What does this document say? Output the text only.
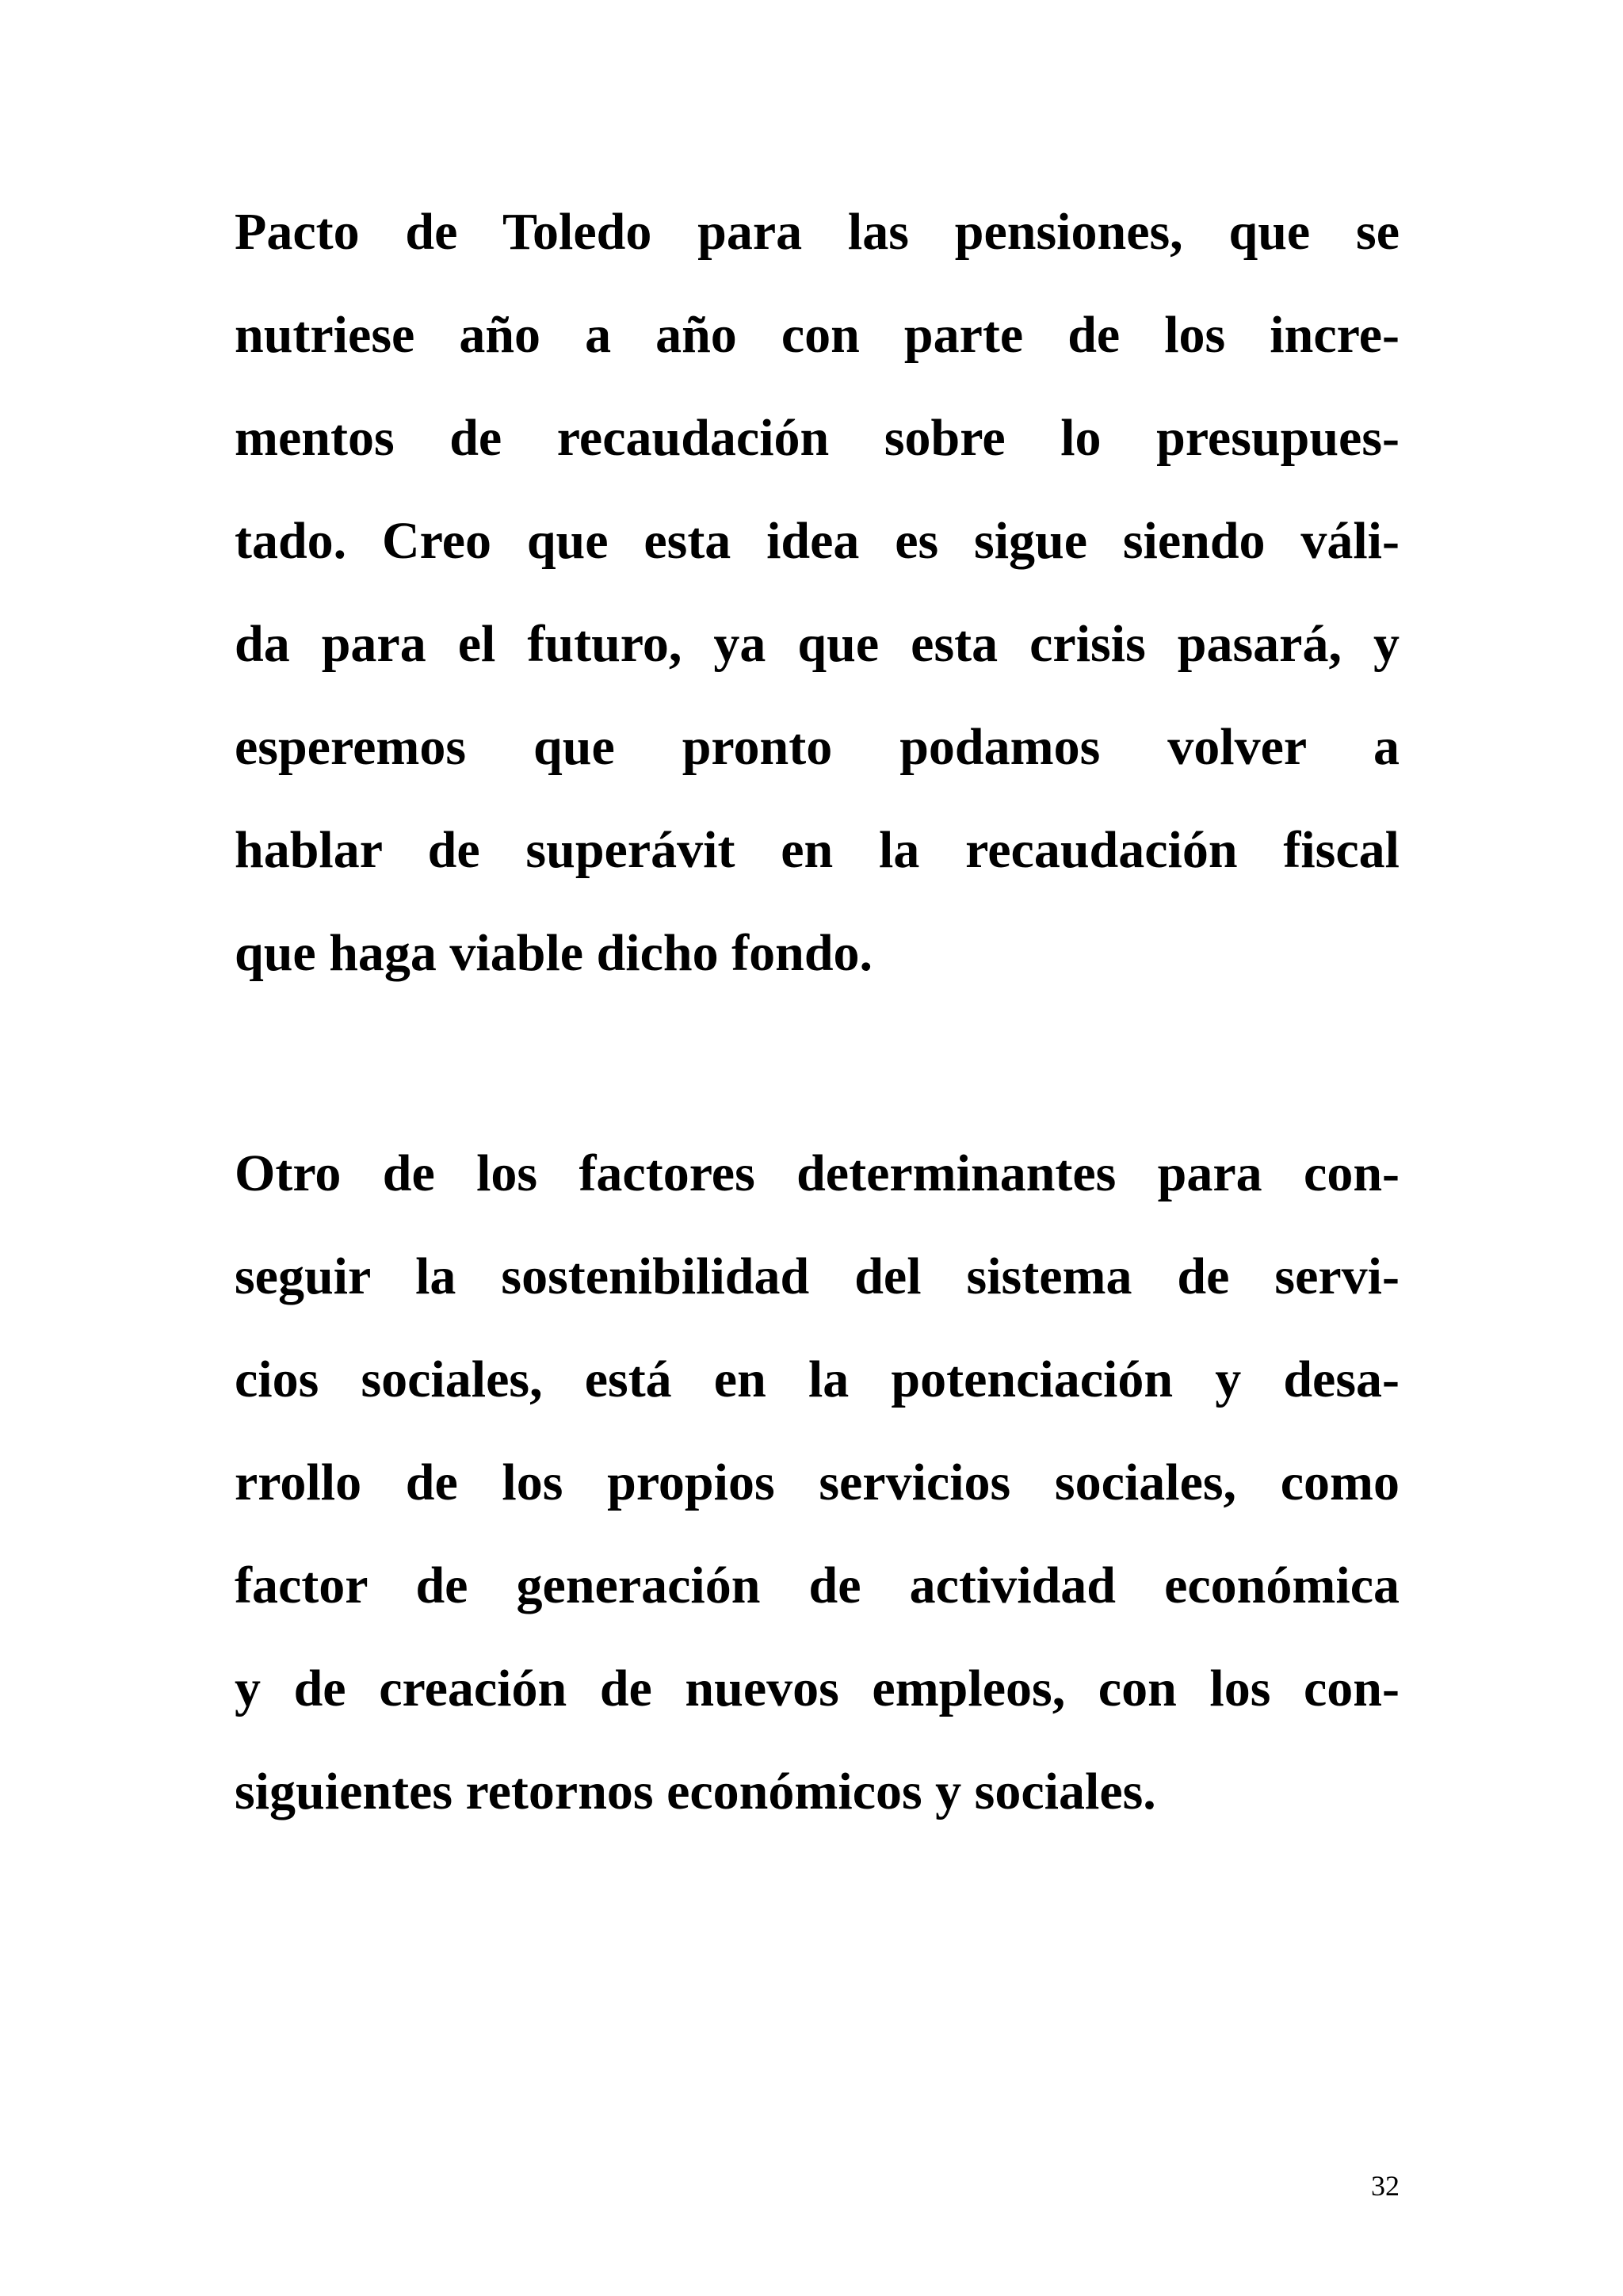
Pacto de Toledo para las pensiones, que se
nutriese año a año con parte de los incre-
mentos de recaudación sobre lo presupues-
tado. Creo que esta idea es sigue siendo váli-
da para el futuro, ya que esta crisis pasará, y
esperemos que pronto podamos volver a
hablar de superávit en la recaudación fiscal
que haga viable dicho fondo.
Otro de los factores determinantes para con-
seguir la sostenibilidad del sistema de servi-
cios sociales, está en la potenciación y desa-
rrollo de los propios servicios sociales, como
factor de generación de actividad económica
y de creación de nuevos empleos, con los con-
siguientes retornos económicos y sociales.
32
